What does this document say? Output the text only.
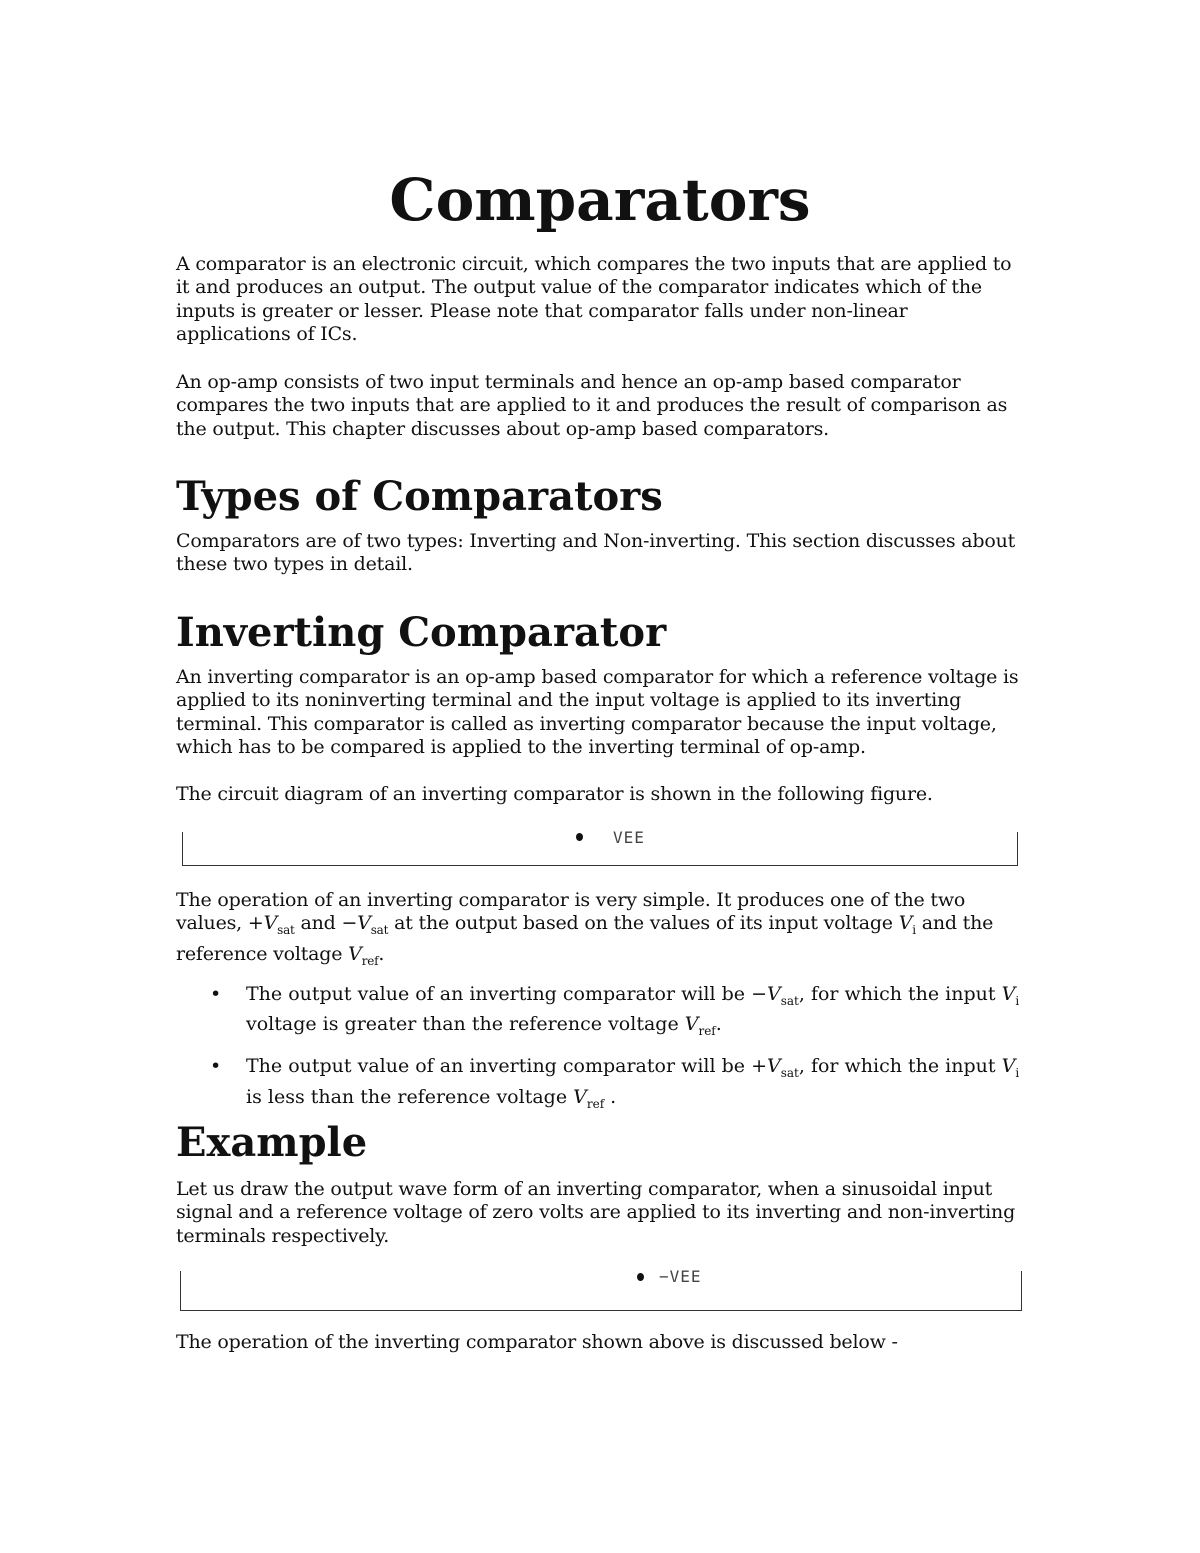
Comparators

A comparator is an electronic circuit, which compares the two inputs that are applied to it and produces an output. The output value of the comparator indicates which of the inputs is greater or lesser. Please note that comparator falls under non-linear applications of ICs.

An op-amp consists of two input terminals and hence an op-amp based comparator compares the two inputs that are applied to it and produces the result of comparison as the output. This chapter discusses about op-amp based comparators.

Types of Comparators

Comparators are of two types: Inverting and Non-inverting. This section discusses about these two types in detail.

Inverting Comparator

An inverting comparator is an op-amp based comparator for which a reference voltage is applied to its noninverting terminal and the input voltage is applied to its inverting terminal. This comparator is called as inverting comparator because the input voltage, which has to be compared is applied to the inverting terminal of op-amp.

The circuit diagram of an inverting comparator is shown in the following figure.

VEE

The operation of an inverting comparator is very simple. It produces one of the two values, $+V_{sat}$ and $-V_{sat}$ at the output based on the values of its input voltage $V_i$ and the reference voltage $V_{ref}$.

• The output value of an inverting comparator will be $-V_{sat}$, for which the input $V_i$ voltage is greater than the reference voltage $V_{ref}$.
• The output value of an inverting comparator will be $+V_{sat}$, for which the input $V_i$ is less than the reference voltage $V_{ref}$ .
Example

Let us draw the output wave form of an inverting comparator, when a sinusoidal input signal and a reference voltage of zero volts are applied to its inverting and non-inverting terminals respectively.

−VEE

The operation of the inverting comparator shown above is discussed below -
